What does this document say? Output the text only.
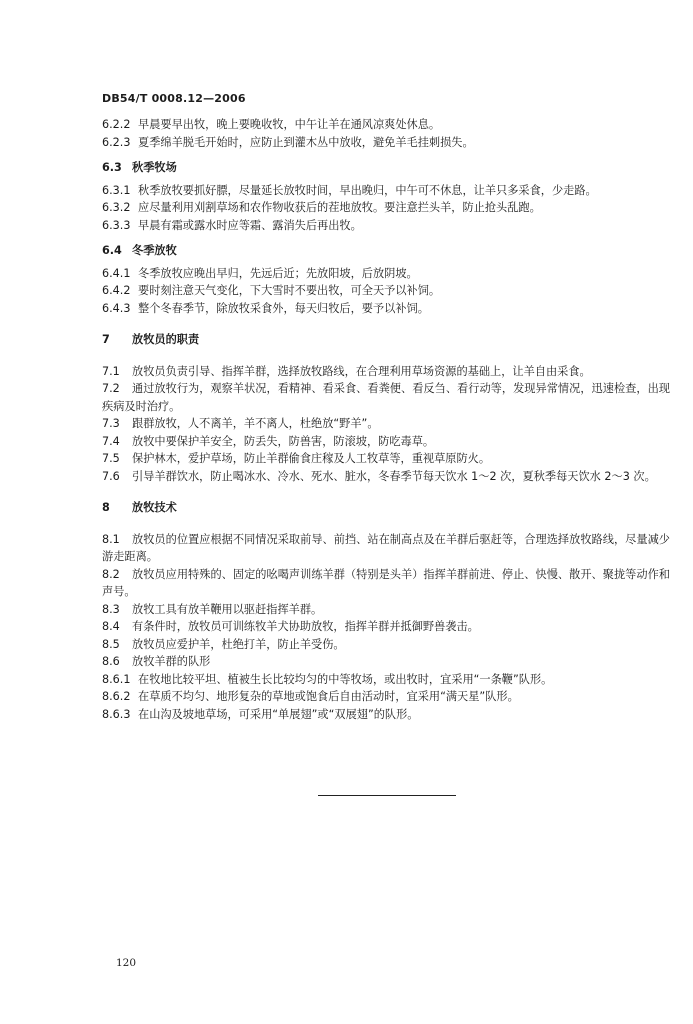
DB54/T 0008.12—2006
6.2.2 早晨要早出牧，晚上要晚收牧，中午让羊在通风凉爽处休息。
6.2.3 夏季绵羊脱毛开始时，应防止到灌木丛中放收，避免羊毛挂刺损失。
6.3 秋季牧场
6.3.1 秋季放牧要抓好膘，尽量延长放牧时间，早出晚归，中午可不休息，让羊只多采食，少走路。
6.3.2 应尽量利用刈割草场和农作物收获后的茬地放牧。要注意拦头羊，防止抢头乱跑。
6.3.3 早晨有霜或露水时应等霜、露消失后再出牧。
6.4 冬季放牧
6.4.1 冬季放牧应晚出早归，先远后近；先放阳坡，后放阴坡。
6.4.2 要时刻注意天气变化，下大雪时不要出牧，可全天予以补饲。
6.4.3 整个冬春季节，除放牧采食外，每天归牧后，要予以补饲。
7	放牧员的职责
7.1	放牧员负责引导、指挥羊群，选择放牧路线，在合理利用草场资源的基础上，让羊自由采食。
7.2 通过放牧行为，观察羊状况，看精神、看采食、看粪便、看反刍、看行动等，发现异常情况，迅速检查，出现疾病及时治疗。
7.3	跟群放牧，人不离羊，羊不离人，杜绝放“野羊”。
7.4	放牧中要保护羊安全，防丢失，防兽害，防滚坡，防吃毒草。
7.5	保护林木，爱护草场，防止羊群偷食庄稼及人工牧草等，重视草原防火。
7.6	引导羊群饮水，防止喝冰水、冷水、死水、脏水，冬春季节每天饮水 1～2 次，夏秋季每天饮水 2～3 次。
8	放牧技术
8.1 放牧员的位置应根据不同情况采取前导、前挡、站在制高点及在羊群后驱赶等，合理选择放牧路线，尽量减少游走距离。
8.2 放牧员应用特殊的、固定的吆喝声训练羊群（特别是头羊）指挥羊群前进、停止、快慢、散开、聚拢等动作和声号。
8.3	放牧工具有放羊鞭用以驱赶指挥羊群。
8.4	有条件时，放牧员可训练牧羊犬协助放牧，指挥羊群并抵御野兽袭击。
8.5	放牧员应爱护羊，杜绝打羊，防止羊受伤。
8.6	放牧羊群的队形
8.6.1 在牧地比较平坦、植被生长比较均匀的中等牧场，或出牧时，宜采用“一条鞭”队形。
8.6.2 在草质不均匀、地形复杂的草地或饱食后自由活动时，宜采用“满天星”队形。
8.6.3 在山沟及坡地草场，可采用“单展翅”或“双展翅”的队形。
120
